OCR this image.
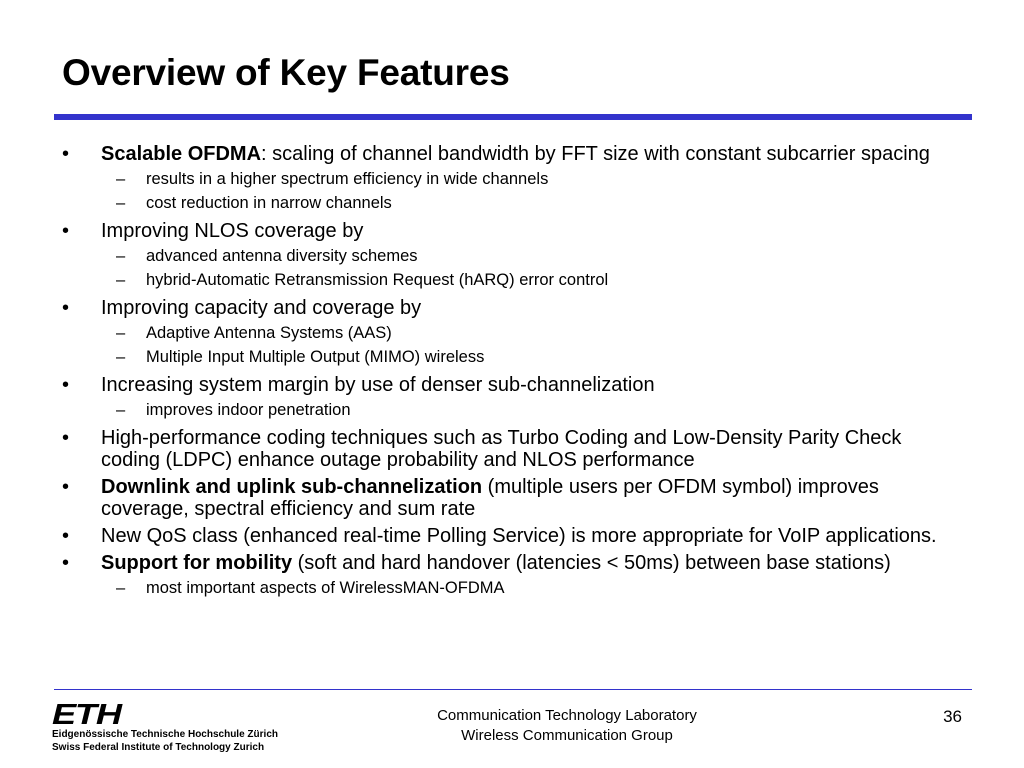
Overview of Key Features
• Scalable OFDMA: scaling of channel bandwidth by FFT size with constant subcarrier spacing
– results in a higher spectrum efficiency in wide channels
– cost reduction in narrow channels
• Improving NLOS coverage by
– advanced antenna diversity schemes
– hybrid-Automatic Retransmission Request (hARQ) error control
• Improving capacity and coverage by
– Adaptive Antenna Systems (AAS)
– Multiple Input Multiple Output (MIMO) wireless
• Increasing system margin by use of denser sub-channelization
– improves indoor penetration
• High-performance coding techniques such as Turbo Coding and Low-Density Parity Check coding (LDPC) enhance outage probability and NLOS performance
• Downlink and uplink sub-channelization (multiple users per OFDM symbol) improves coverage, spectral efficiency and sum rate
• New QoS class (enhanced real-time Polling Service) is more appropriate for VoIP applications.
• Support for mobility (soft and hard handover (latencies < 50ms) between base stations)
– most important aspects of WirelessMAN-OFDMA
ETH
Eidgenössische Technische Hochschule Zürich
Swiss Federal Institute of Technology Zurich
Communication Technology Laboratory
Wireless Communication Group
36
